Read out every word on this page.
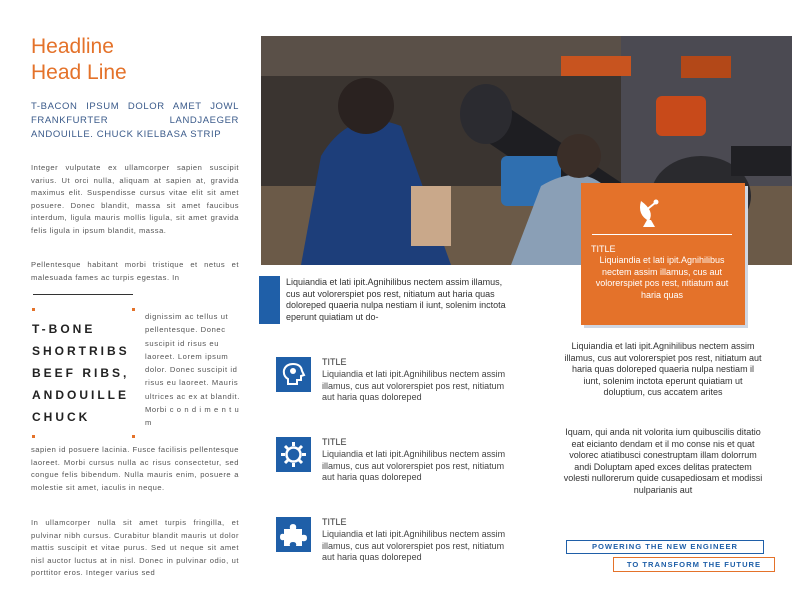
Headline
Head Line
T-BACON IPSUM DOLOR AMET JOWL FRANKFURTER LANDJAEGER ANDOUILLE. CHUCK KIELBASA STRIP
Integer vulputate ex ullamcorper sapien suscipit varius. Ut orci nulla, aliquam at sapien at, gravida maximus elit. Suspendisse cursus vitae elit sit amet posuere. Donec blandit, massa sit amet faucibus interdum, ligula mauris mollis ligula, sit amet gravida felis ligula in ipsum blandit, massa.
Pellentesque habitant morbi tristique et netus et malesuada fames ac turpis egestas. In
T-BONE SHORTRIBS BEEF RIBS, ANDOUILLE CHUCK
dignissim ac tellus ut pellentesque. Donec suscipit id risus eu laoreet. Lorem ipsum dolor. Donec suscipit id risus eu laoreet. Mauris ultrices ac ex at blandit. Morbi c o n d i m e n t u m
sapien id posuere lacinia. Fusce facilisis pellentesque laoreet. Morbi cursus nulla ac risus consectetur, sed congue felis bibendum. Nulla mauris enim, posuere a molestie sit amet, iaculis in neque.
In ullamcorper nulla sit amet turpis fringilla, et pulvinar nibh cursus. Curabitur blandit mauris ut dolor mattis suscipit et vitae purus. Sed ut neque sit amet nisl auctor luctus at in nisl. Donec in pulvinar odio, ut porttitor eros. Integer varius sed
TITLE
Liquiandia et lati ipit.Agnihilibus nectem assim illamus, cus aut volorerspiet pos rest, nitiatum aut haria quas
Liquiandia et lati ipit.Agnihilibus nectem assim illamus, cus aut volorerspiet pos rest, nitiatum aut haria quas doloreped quaeria nulpa nestiam il iunt, solenim inctota eperunt quiatiam ut do-
TITLE
Liquiandia et lati ipit.Agnihilibus nectem assim illamus, cus aut volorerspiet pos rest, nitiatum aut haria quas doloreped
TITLE
Liquiandia et lati ipit.Agnihilibus nectem assim illamus, cus aut volorerspiet pos rest, nitiatum aut haria quas doloreped
TITLE
Liquiandia et lati ipit.Agnihilibus nectem assim illamus, cus aut volorerspiet pos rest, nitiatum aut haria quas doloreped
Liquiandia et lati ipit.Agnihilibus nectem assim illamus, cus aut volorerspiet pos rest, nitiatum aut haria quas doloreped quaeria nulpa nestiam il iunt, solenim inctota eperunt quiatiam ut doluptium, cus accatem arites
Iquam, qui anda nit volorita ium quibuscilis ditatio eat eicianto dendam et il mo conse nis et quat volorec atiatibusci conestruptam illam dolorrum andi Doluptam aped exces delitas pratectem volesti nullorerum quide cusapediosam et modissi nulparianis aut
POWERING THE NEW ENGINEER
TO TRANSFORM THE FUTURE
